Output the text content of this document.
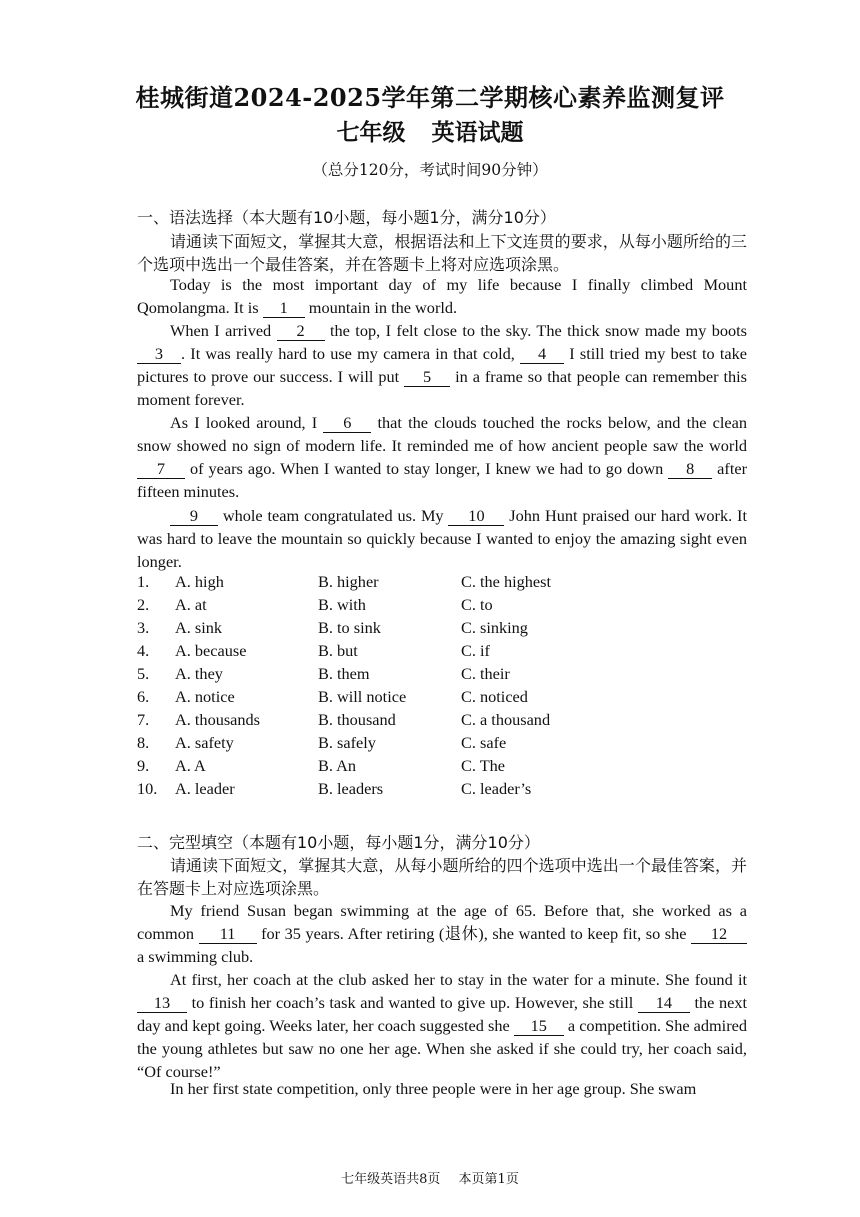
桂城街道2024-2025学年第二学期核心素养监测复评
七年级 英语试题
（总分120分，考试时间90分钟）
一、语法选择（本大题有10小题，每小题1分，满分10分）
请通读下面短文，掌握其大意，根据语法和上下文连贯的要求，从每小题所给的三个选项中选出一个最佳答案，并在答题卡上将对应选项涂黑。
Today is the most important day of my life because I finally climbed Mount Qomolangma. It is 1 mountain in the world.
When I arrived 2 the top, I felt close to the sky. The thick snow made my boots 3 . It was really hard to use my camera in that cold, 4 I still tried my best to take pictures to prove our success. I will put 5 in a frame so that people can remember this moment forever.
As I looked around, I 6 that the clouds touched the rocks below, and the clean snow showed no sign of modern life. It reminded me of how ancient people saw the world 7 of years ago. When I wanted to stay longer, I knew we had to go down 8 after fifteen minutes.
9 whole team congratulated us. My 10 John Hunt praised our hard work. It was hard to leave the mountain so quickly because I wanted to enjoy the amazing sight even longer.
1. A. high	B. higher	C. the highest
2. A. at	B. with	C. to
3. A. sink	B. to sink	C. sinking
4. A. because	B. but	C. if
5. A. they	B. them	C. their
6. A. notice	B. will notice	C. noticed
7. A. thousands	B. thousand	C. a thousand
8. A. safety	B. safely	C. safe
9. A. A	B. An	C. The
10. A. leader	B. leaders	C. leader’s
二、完型填空（本题有10小题，每小题1分，满分10分）
请通读下面短文，掌握其大意，从每小题所给的四个选项中选出一个最佳答案，并在答题卡上对应选项涂黑。
My friend Susan began swimming at the age of 65. Before that, she worked as a common 11 for 35 years. After retiring (退休), she wanted to keep fit, so she 12 a swimming club.
At first, her coach at the club asked her to stay in the water for a minute. She found it 13 to finish her coach’s task and wanted to give up. However, she still 14 the next day and kept going. Weeks later, her coach suggested she 15 a competition. She admired the young athletes but saw no one her age. When she asked if she could try, her coach said, “Of course!”
In her first state competition, only three people were in her age group. She swam
七年级英语共8页 本页第1页
